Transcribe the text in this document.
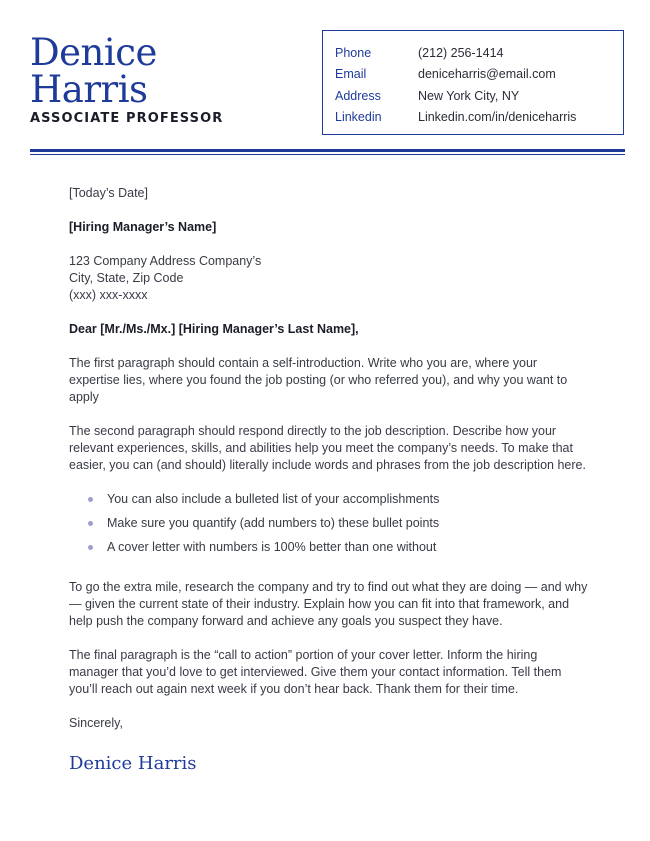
Denice
Harris
ASSOCIATE PROFESSOR
Phone	(212) 256-1414
Email	deniceharris@email.com
Address	New York City, NY
Linkedin	Linkedin.com/in/deniceharris

[Today’s Date]

[Hiring Manager’s Name]

123 Company Address Company’s

City, State, Zip Code

(xxx) xxx-xxxx

Dear [Mr./Ms./Mx.] [Hiring Manager’s Last Name],

The first paragraph should contain a self-introduction. Write who you are, where your expertise lies, where you found the job posting (or who referred you), and why you want to apply

The second paragraph should respond directly to the job description. Describe how your relevant experiences, skills, and abilities help you meet the company’s needs. To make that easier, you can (and should) literally include words and phrases from the job description here.

You can also include a bulleted list of your accomplishments
Make sure you quantify (add numbers to) these bullet points
A cover letter with numbers is 100% better than one without

To go the extra mile, research the company and try to find out what they are doing — and why — given the current state of their industry. Explain how you can fit into that framework, and help push the company forward and achieve any goals you suspect they have.

The final paragraph is the “call to action” portion of your cover letter. Inform the hiring manager that you’d love to get interviewed. Give them your contact information. Tell them you’ll reach out again next week if you don’t hear back. Thank them for their time.

Sincerely,

Denice Harris
